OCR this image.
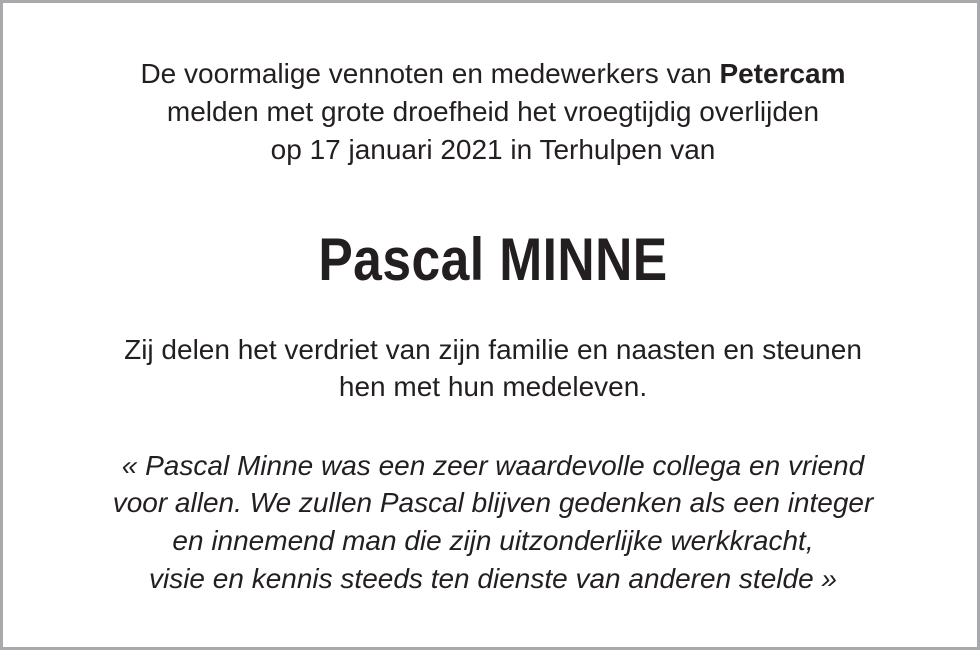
De voormalige vennoten en medewerkers van Petercam
melden met grote droefheid het vroegtijdig overlijden
op 17 januari 2021 in Terhulpen van
Pascal MINNE
Zij delen het verdriet van zijn familie en naasten en steunen
hen met hun medeleven.
« Pascal Minne was een zeer waardevolle collega en vriend
voor allen. We zullen Pascal blijven gedenken als een integer
en innemend man die zijn uitzonderlijke werkkracht,
visie en kennis steeds ten dienste van anderen stelde »
